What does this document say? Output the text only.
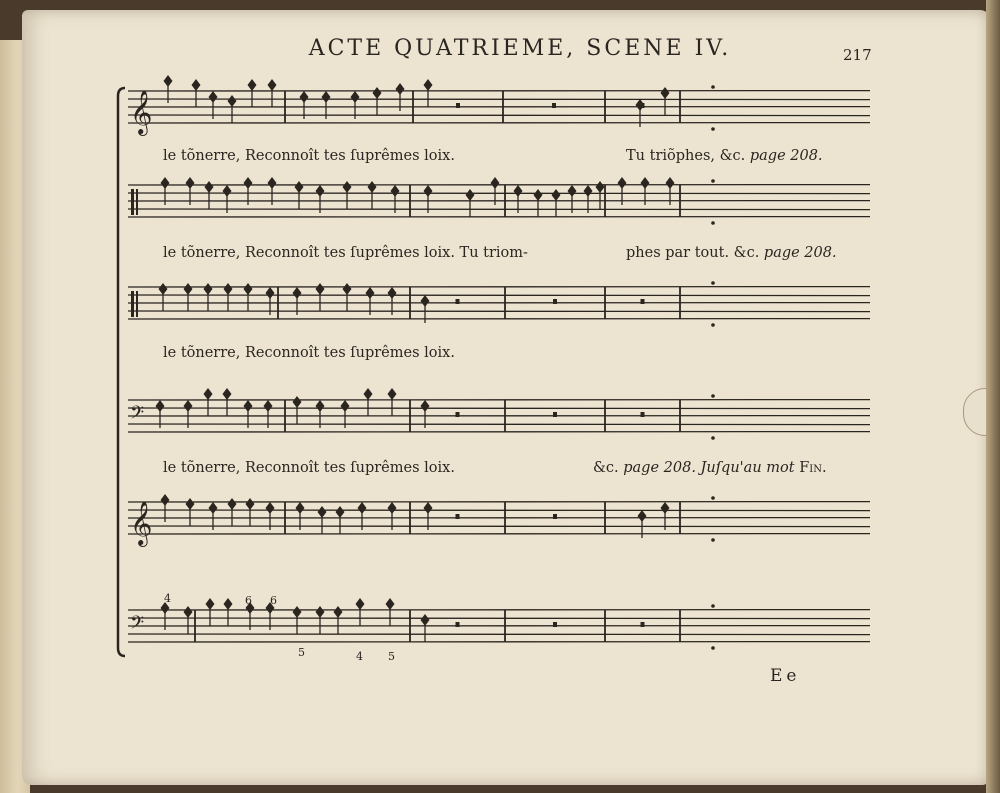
ACTE QUATRIEME, SCENE IV.	217
𝄞
𝄢
𝄞
𝄢
4	6 6
5	4 5
le tõnerre, Reconnoît tes ſuprêmes loix.	Tu triõphes, &c. page 208.
le tõnerre, Reconnoît tes ſuprêmes loix. Tu triom-	phes par tout. &c. page 208.
le tõnerre, Reconnoît tes ſuprêmes loix.
le tõnerre, Reconnoît tes ſuprêmes loix.	&c. page 208. Juſqu'au mot Fin.
Ee
